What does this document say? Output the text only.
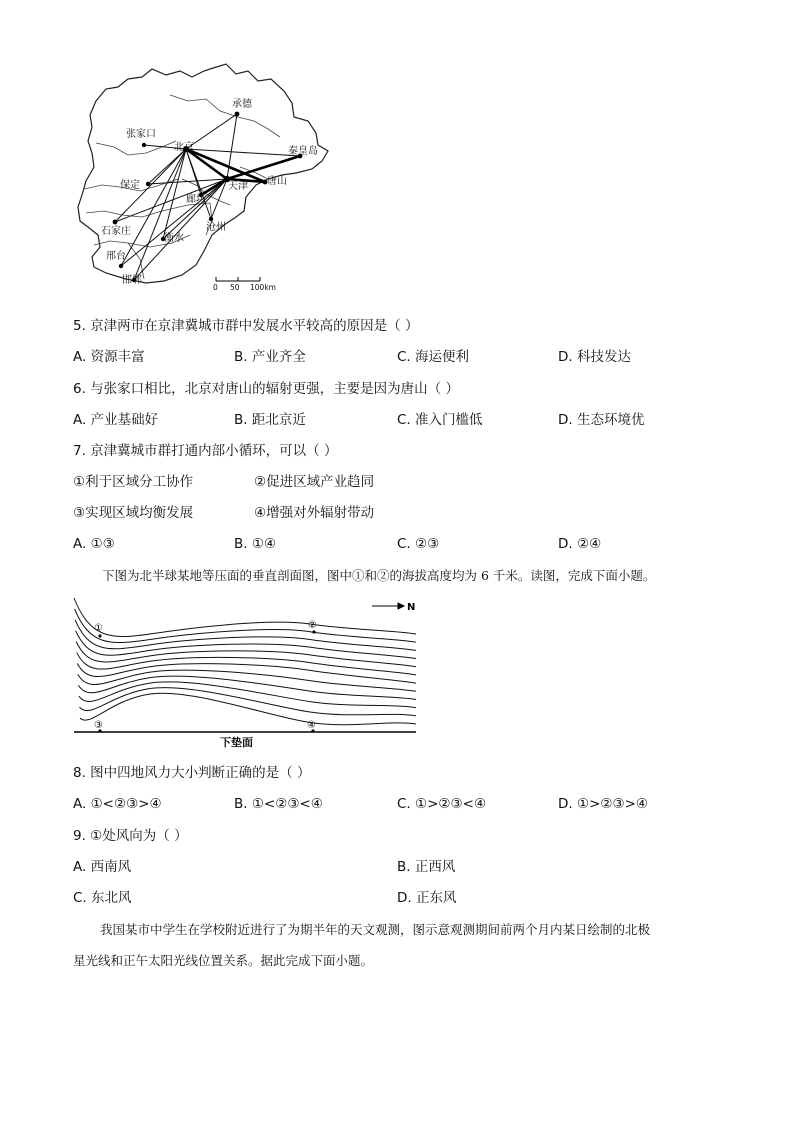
承德
张家口
北京	秦皇岛
保定	天津 唐山
廊坊
石家庄	沧州
衡水
邢台
邯郸
0 50 100km
5. 京津两市在京津冀城市群中发展水平较高的原因是（ ）
A. 资源丰富	B. 产业齐全	C. 海运便利	D. 科技发达
6. 与张家口相比，北京对唐山的辐射更强，主要是因为唐山（ ）
A. 产业基础好	B. 距北京近	C. 准入门槛低	D. 生态环境优
7. 京津冀城市群打通内部小循环，可以（ ）
①利于区域分工协作	②促进区域产业趋同
③实现区域均衡发展	④增强对外辐射带动
A. ①③	B. ①④	C. ②③	D. ②④
下图为北半球某地等压面的垂直剖面图，图中①和②的海拔高度均为 6 千米。读图，完成下面小题。
N
①	②
③	④
下垫面
8. 图中四地风力大小判断正确的是（ ）
A. ①<②③>④	B. ①<②③<④	C. ①>②③<④	D. ①>②③>④
9. ①处风向为（ ）
A. 西南风	B. 正西风
C. 东北风	D. 正东风
我国某市中学生在学校附近进行了为期半年的天文观测，图示意观测期间前两个月内某日绘制的北极
星光线和正午太阳光线位置关系。据此完成下面小题。
